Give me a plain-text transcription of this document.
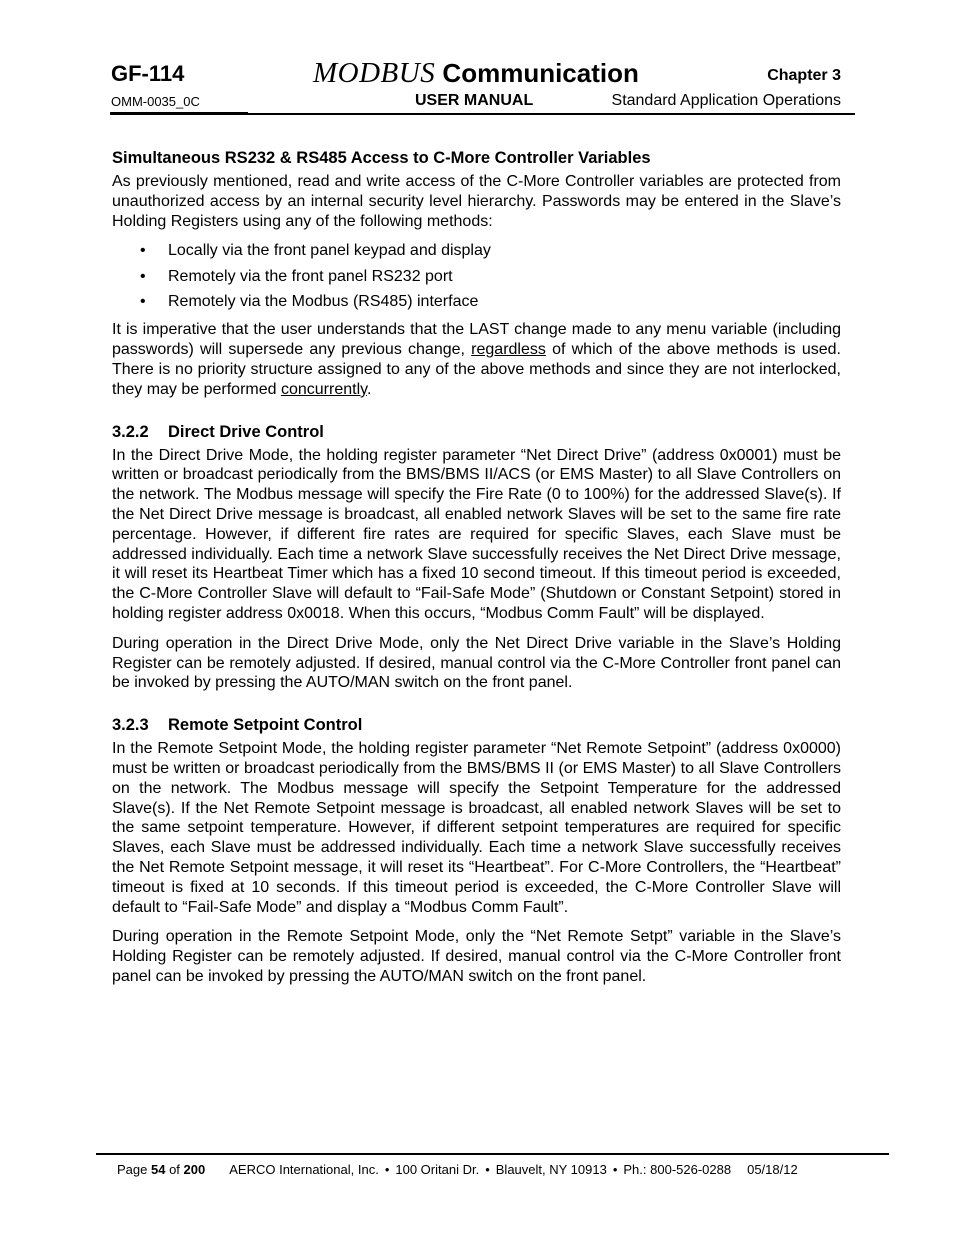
GF-114	MODBUS Communication	Chapter 3
OMM-0035_0C	USER MANUAL	Standard Application Operations
Simultaneous RS232 & RS485 Access to C-More Controller Variables

As previously mentioned, read and write access of the C-More Controller variables are protected from unauthorized access by an internal security level hierarchy. Passwords may be entered in the Slave’s Holding Registers using any of the following methods:

• Locally via the front panel keypad and display
• Remotely via the front panel RS232 port
• Remotely via the Modbus (RS485) interface

It is imperative that the user understands that the LAST change made to any menu variable (including passwords) will supersede any previous change, regardless of which of the above methods is used. There is no priority structure assigned to any of the above methods and since they are not interlocked, they may be performed concurrently.

3.2.2 Direct Drive Control

In the Direct Drive Mode, the holding register parameter “Net Direct Drive” (address 0x0001) must be written or broadcast periodically from the BMS/BMS II/ACS (or EMS Master) to all Slave Controllers on the network. The Modbus message will specify the Fire Rate (0 to 100%) for the addressed Slave(s). If the Net Direct Drive message is broadcast, all enabled network Slaves will be set to the same fire rate percentage. However, if different fire rates are required for specific Slaves, each Slave must be addressed individually. Each time a network Slave successfully receives the Net Direct Drive message, it will reset its Heartbeat Timer which has a fixed 10 second timeout. If this timeout period is exceeded, the C-More Controller Slave will default to “Fail-Safe Mode” (Shutdown or Constant Setpoint) stored in holding register address 0x0018. When this occurs, “Modbus Comm Fault” will be displayed.

During operation in the Direct Drive Mode, only the Net Direct Drive variable in the Slave’s Holding Register can be remotely adjusted. If desired, manual control via the C-More Controller front panel can be invoked by pressing the AUTO/MAN switch on the front panel.

3.2.3 Remote Setpoint Control

In the Remote Setpoint Mode, the holding register parameter “Net Remote Setpoint” (address 0x0000) must be written or broadcast periodically from the BMS/BMS II (or EMS Master) to all Slave Controllers on the network. The Modbus message will specify the Setpoint Temperature for the addressed Slave(s). If the Net Remote Setpoint message is broadcast, all enabled network Slaves will be set to the same setpoint temperature. However, if different setpoint temperatures are required for specific Slaves, each Slave must be addressed individually. Each time a network Slave successfully receives the Net Remote Setpoint message, it will reset its “Heartbeat”. For C-More Controllers, the “Heartbeat” timeout is fixed at 10 seconds. If this timeout period is exceeded, the C-More Controller Slave will default to “Fail-Safe Mode” and display a “Modbus Comm Fault”.

During operation in the Remote Setpoint Mode, only the “Net Remote Setpt” variable in the Slave’s Holding Register can be remotely adjusted. If desired, manual control via the C-More Controller front panel can be invoked by pressing the AUTO/MAN switch on the front panel.

Page 54 of 200 AERCO International, Inc. • 100 Oritani Dr. • Blauvelt, NY 10913 • Ph.: 800-526-0288 05/18/12
